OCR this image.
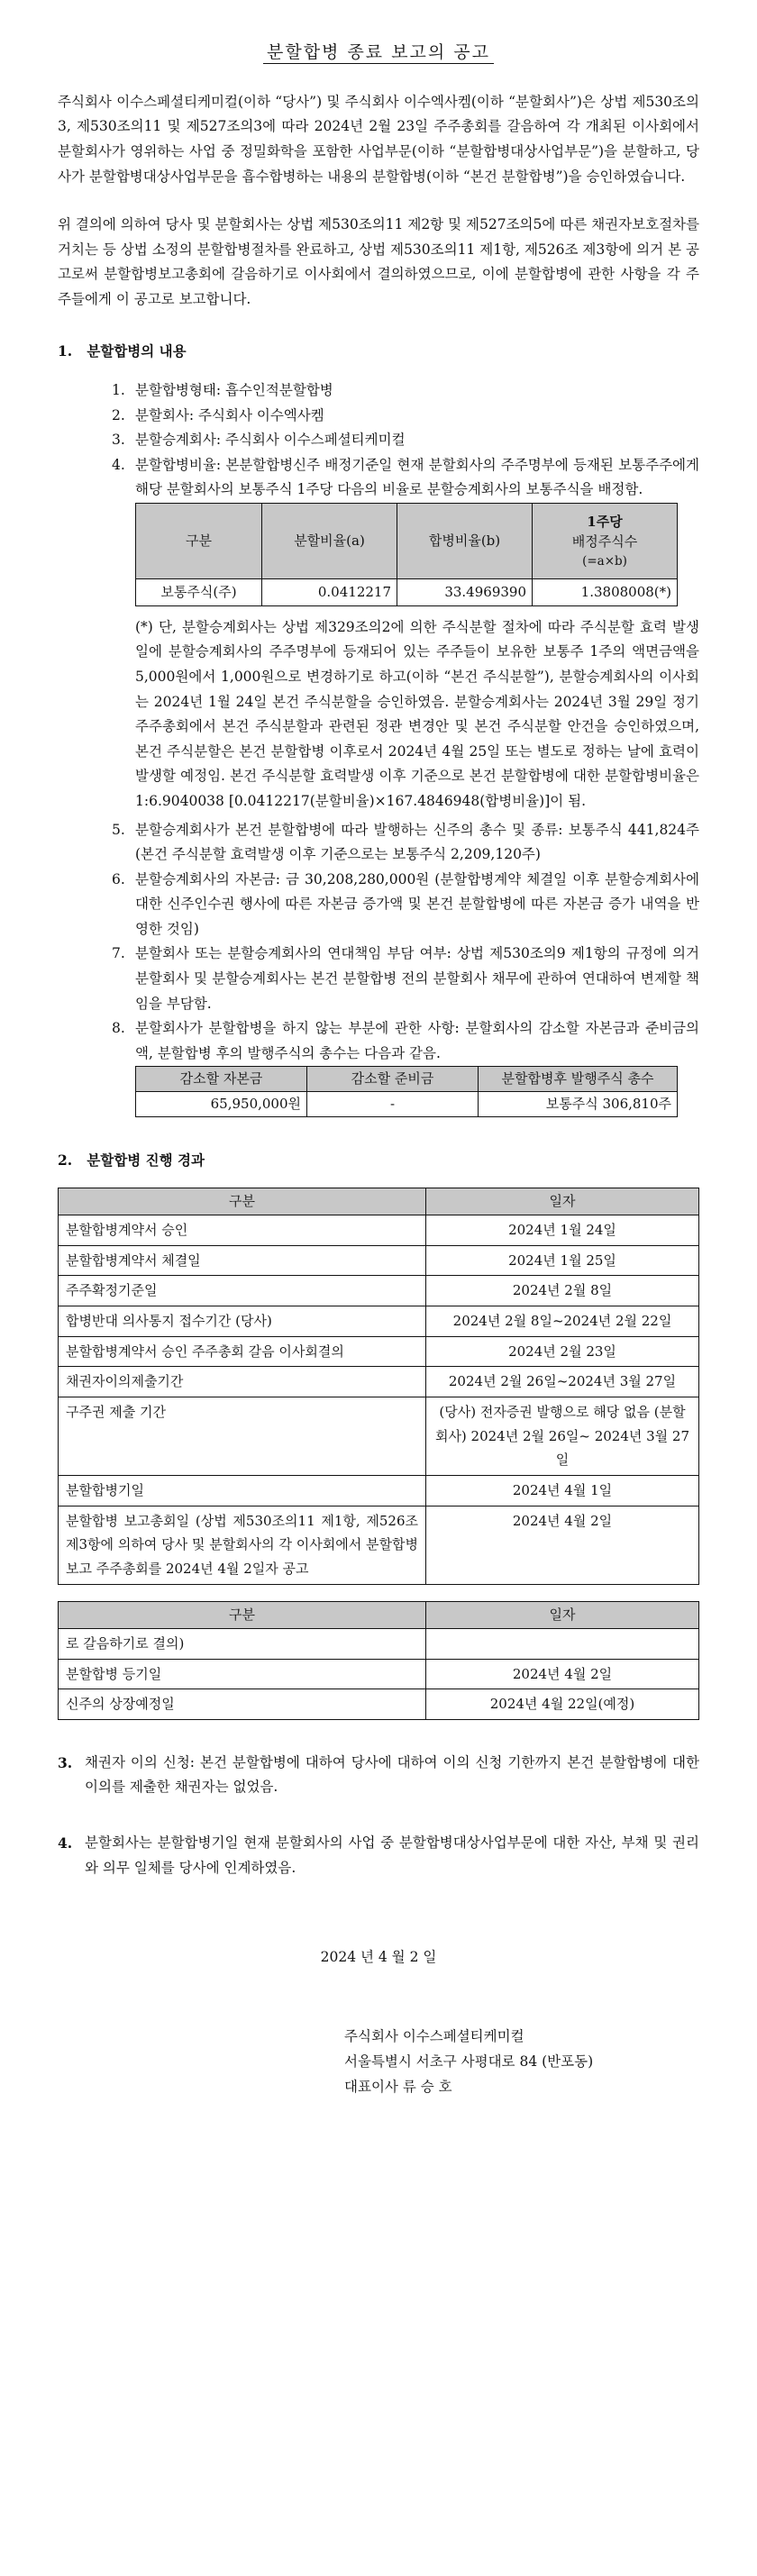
분할합병 종료 보고의 공고

주식회사 이수스페셜티케미컬(이하 “당사”) 및 주식회사 이수엑사켐(이하 “분할회사”)은 상법 제530조의3, 제530조의11 및 제527조의3에 따라 2024년 2월 23일 주주총회를 갈음하여 각 개최된 이사회에서 분할회사가 영위하는 사업 중 정밀화학을 포함한 사업부문(이하 “분할합병대상사업부문”)을 분할하고, 당사가 분할합병대상사업부문을 흡수합병하는 내용의 분할합병(이하 “본건 분할합병”)을 승인하였습니다.

위 결의에 의하여 당사 및 분할회사는 상법 제530조의11 제2항 및 제527조의5에 따른 채권자보호절차를 거치는 등 상법 소정의 분할합병절차를 완료하고, 상법 제530조의11 제1항, 제526조 제3항에 의거 본 공고로써 분할합병보고총회에 갈음하기로 이사회에서 결의하였으므로, 이에 분할합병에 관한 사항을 각 주주들에게 이 공고로 보고합니다.

1. 분할합병의 내용
1. 분할합병형태: 흡수인적분할합병
2. 분할회사: 주식회사 이수엑사켐
3. 분할승계회사: 주식회사 이수스페셜티케미컬
4. 분할합병비율: 본분할합병신주 배정기준일 현재 분할회사의 주주명부에 등재된 보통주주에게 해당 분할회사의 보통주식 1주당 다음의 비율로 분할승계회사의 보통주식을 배정함.
구분	분할비율(a)	합병비율(b)	1주당
배정주식수
(=a×b)

보통주식(주)	0.0412217	33.4969390	1.3808008(*)
(*) 단, 분할승계회사는 상법 제329조의2에 의한 주식분할 절차에 따라 주식분할 효력 발생일에 분할승계회사의 주주명부에 등재되어 있는 주주들이 보유한 보통주 1주의 액면금액을 5,000원에서 1,000원으로 변경하기로 하고(이하 “본건 주식분할”), 분할승계회사의 이사회는 2024년 1월 24일 본건 주식분할을 승인하였음. 분할승계회사는 2024년 3월 29일 정기주주총회에서 본건 주식분할과 관련된 정관 변경안 및 본건 주식분할 안건을 승인하였으며, 본건 주식분할은 본건 분할합병 이후로서 2024년 4월 25일 또는 별도로 정하는 날에 효력이 발생할 예정임. 본건 주식분할 효력발생 이후 기준으로 본건 분할합병에 대한 분할합병비율은 1:6.9040038 [0.0412217(분할비율)×167.4846948(합병비율)]이 됨.
5. 분할승계회사가 본건 분할합병에 따라 발행하는 신주의 총수 및 종류: 보통주식 441,824주 (본건 주식분할 효력발생 이후 기준으로는 보통주식 2,209,120주)
6. 분할승계회사의 자본금: 금 30,208,280,000원 (분할합병계약 체결일 이후 분할승계회사에 대한 신주인수권 행사에 따른 자본금 증가액 및 본건 분할합병에 따른 자본금 증가 내역을 반영한 것임)
7. 분할회사 또는 분할승계회사의 연대책임 부담 여부: 상법 제530조의9 제1항의 규정에 의거 분할회사 및 분할승계회사는 본건 분할합병 전의 분할회사 채무에 관하여 연대하여 변제할 책임을 부담함.
8. 분할회사가 분할합병을 하지 않는 부분에 관한 사항: 분할회사의 감소할 자본금과 준비금의 액, 분할합병 후의 발행주식의 총수는 다음과 같음.
감소할 자본금	감소할 준비금	분할합병후 발행주식 총수
65,950,000원	-	보통주식 306,810주
2. 분할합병 진행 경과
구분	일자
분할합병계약서 승인	2024년 1월 24일
분할합병계약서 체결일	2024년 1월 25일
주주확정기준일	2024년 2월 8일
합병반대 의사통지 접수기간 (당사)	2024년 2월 8일~2024년 2월 22일
분할합병계약서 승인 주주총회 갈음 이사회결의	2024년 2월 23일
채권자이의제출기간	2024년 2월 26일~2024년 3월 27일
구주권 제출 기간	(당사) 전자증권 발행으로 해당 없음 (분할회사) 2024년 2월 26일~ 2024년 3월 27일
분할합병기일	2024년 4월 1일
분할합병 보고총회일 (상법 제530조의11 제1항, 제526조 제3항에 의하여 당사 및 분할회사의 각 이사회에서 분할합병 보고 주주총회를 2024년 4월 2일자 공고	2024년 4월 2일
구분	일자
로 갈음하기로 결의)	
분할합병 등기일	2024년 4월 2일
신주의 상장예정일	2024년 4월 22일(예정)
3. 채권자 이의 신청: 본건 분할합병에 대하여 당사에 대하여 이의 신청 기한까지 본건 분할합병에 대한 이의를 제출한 채권자는 없었음.
4. 분할회사는 분할합병기일 현재 분할회사의 사업 중 분할합병대상사업부문에 대한 자산, 부채 및 권리와 의무 일체를 당사에 인계하였음.
2024 년 4 월 2 일
주식회사 이수스페셜티케미컬
서울특별시 서초구 사평대로 84 (반포동)
대표이사 류 승 호
